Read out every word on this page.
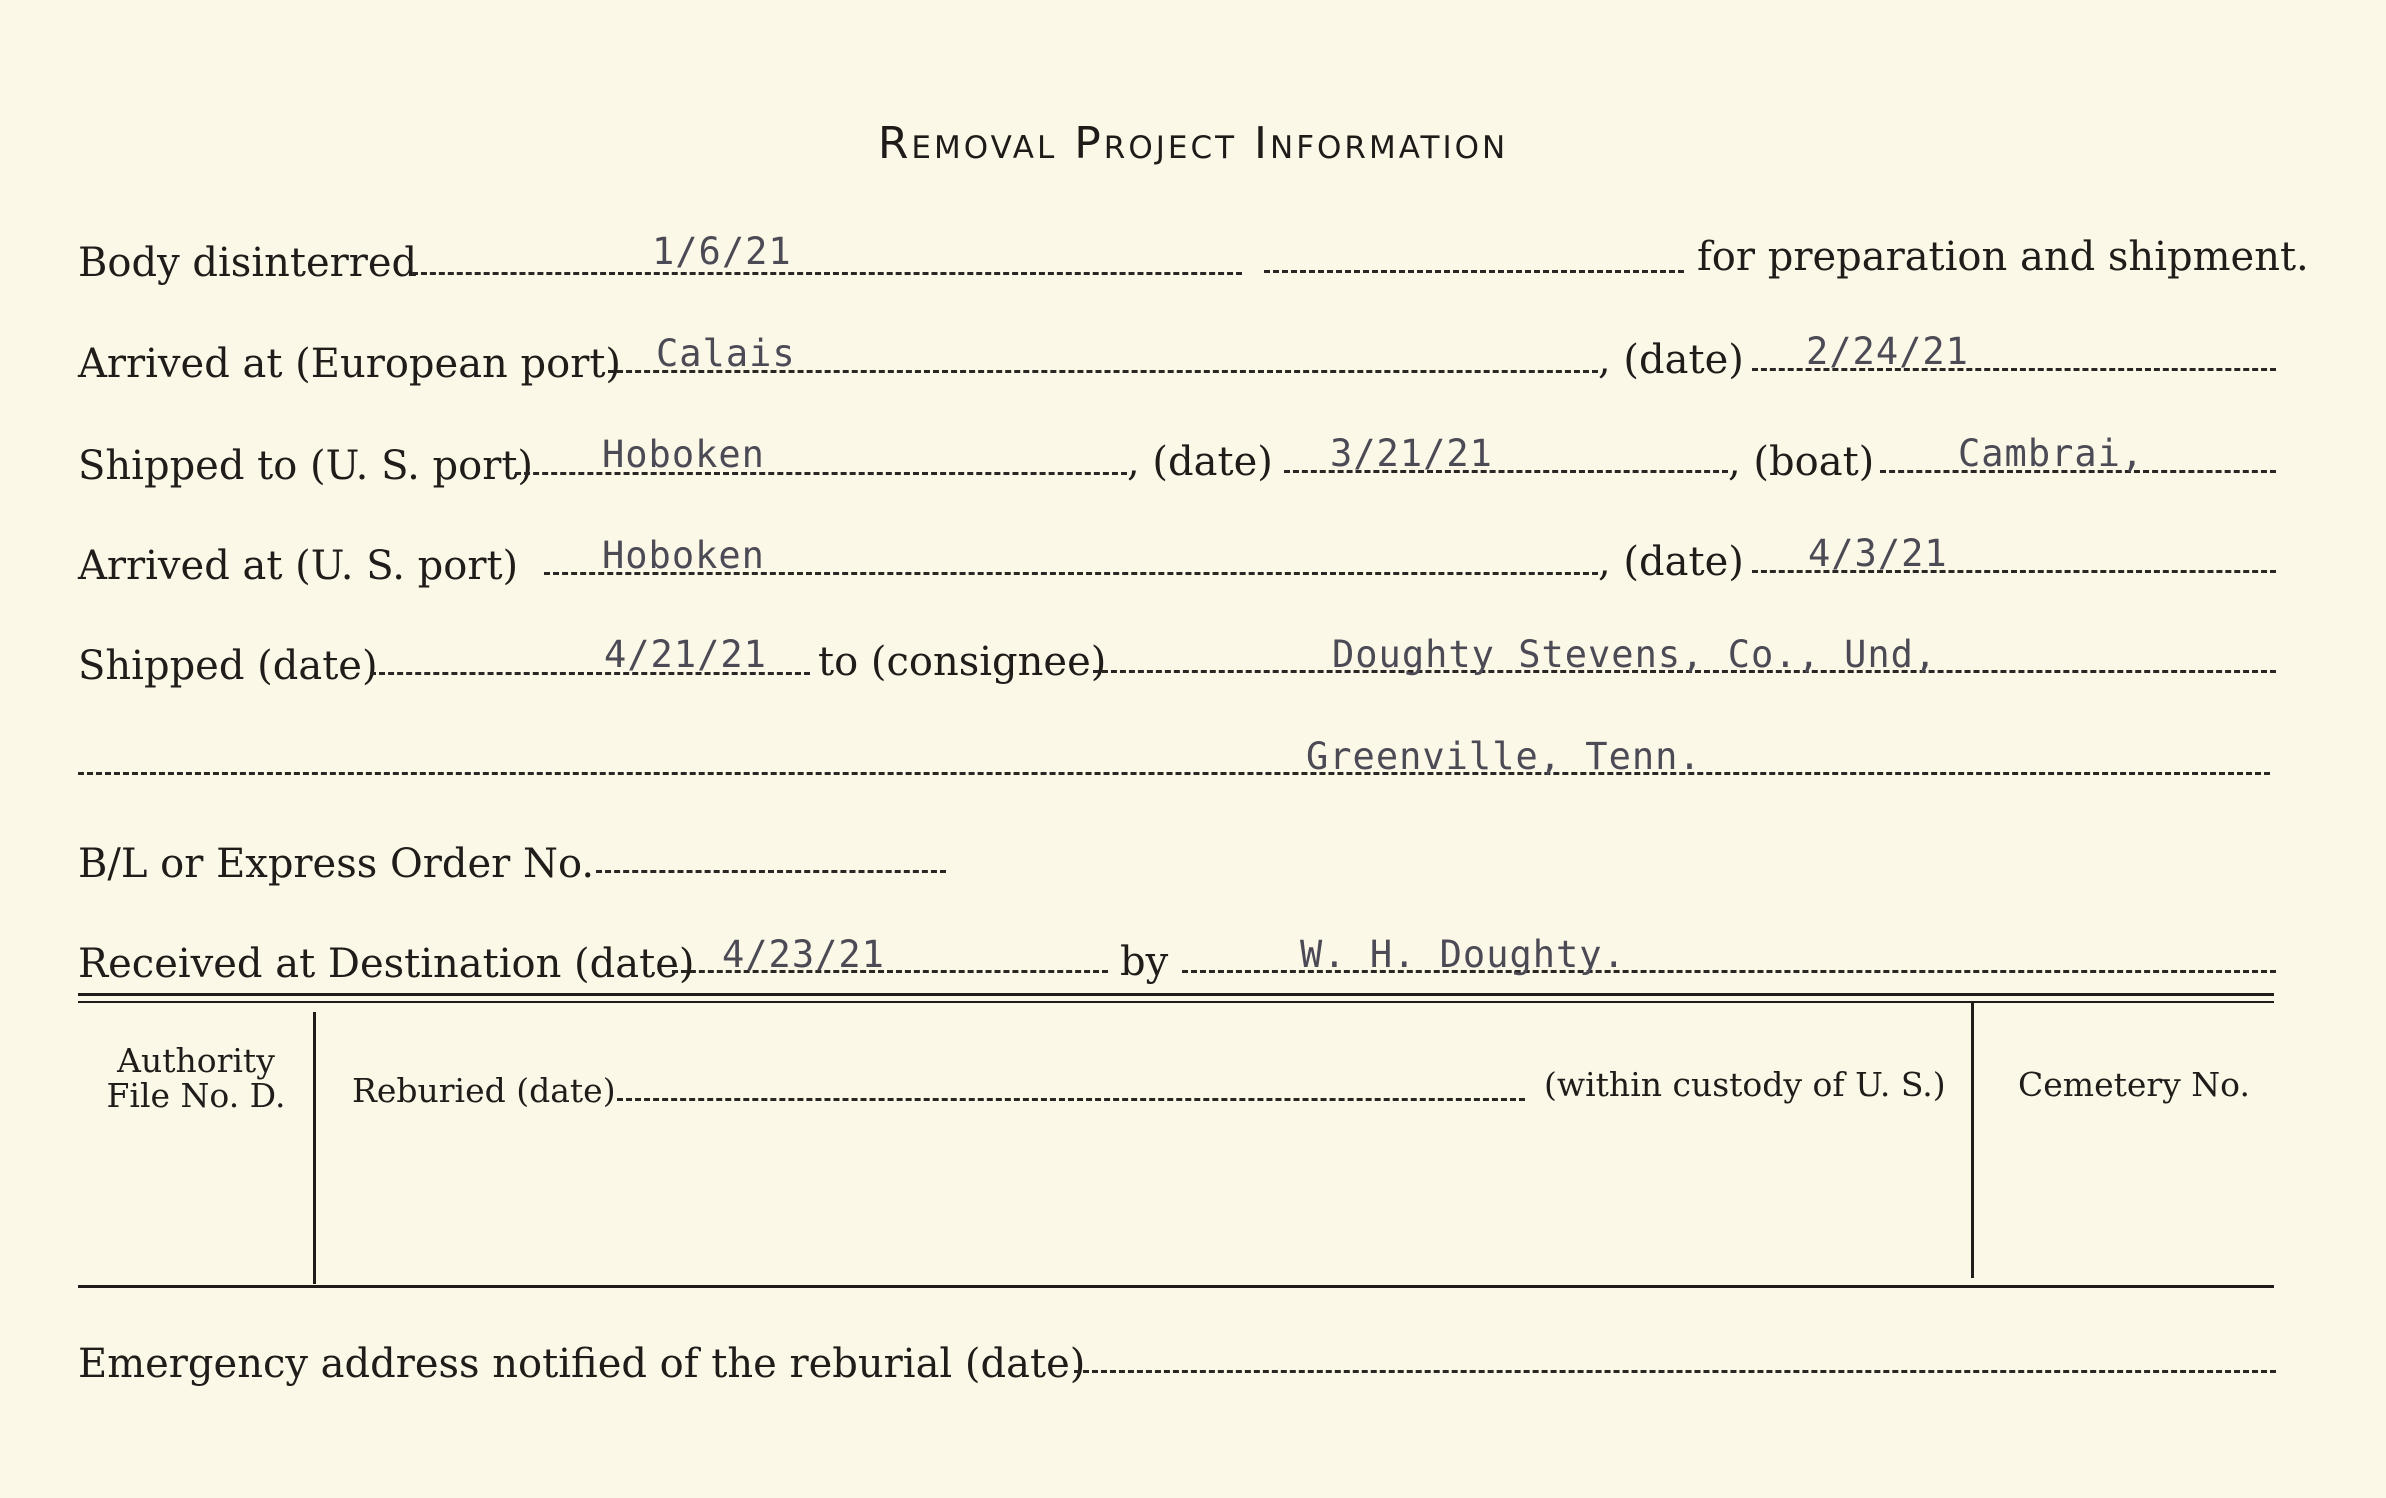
Removal Project Information
Body disinterred	1/6/21	for preparation and shipment.
Arrived at (European port) Calais	, (date) 2/24/21
Shipped to (U. S. port) Hoboken	, (date) 3/21/21	, (boat) Cambrai,
Arrived at (U. S. port) Hoboken	, (date) 4/3/21
Shipped (date)	4/21/21 to (consignee)	Doughty Stevens, Co., Und,
Greenville, Tenn.
B/L or Express Order No.
Received at Destination (date) 4/23/21	by	W. H. Doughty.
Authority
File No. D.	Reburied (date)	(within custody of U. S.) Cemetery No.
Emergency address notified of the reburial (date)
